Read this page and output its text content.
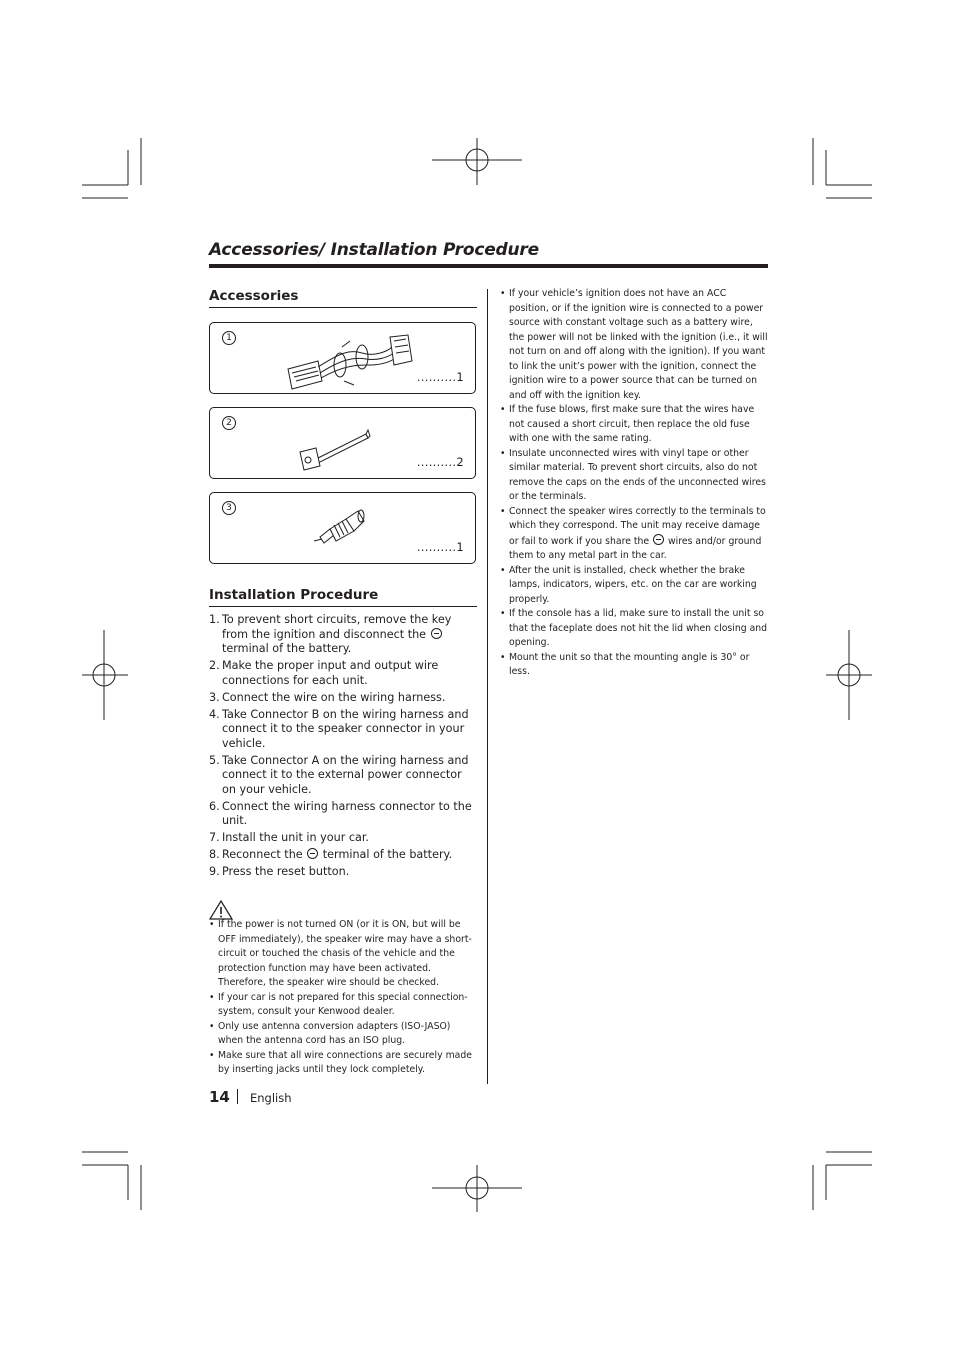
Accessories/ Installation Procedure
Accessories
1
..........1
2
..........2
3
..........1
Installation Procedure
1. To prevent short circuits, remove the key from the ignition and disconnect the  terminal of the battery.
2. Make the proper input and output wire connections for each unit.
3. Connect the wire on the wiring harness.
4. Take Connector B on the wiring harness and connect it to the speaker connector in your vehicle.
5. Take Connector A on the wiring harness and connect it to the external power connector on your vehicle.
6. Connect the wiring harness connector to the unit.
7. Install the unit in your car.
8. Reconnect the  terminal of the battery.
9. Press the reset button.
• If the power is not turned ON (or it is ON, but will be OFF immediately), the speaker wire may have a short-circuit or touched the chasis of the vehicle and the protection function may have been activated. Therefore, the speaker wire should be checked.
• If your car is not prepared for this special connection-system, consult your Kenwood dealer.
• Only use antenna conversion adapters (ISO-JASO) when the antenna cord has an ISO plug.
• Make sure that all wire connections are securely made by inserting jacks until they lock completely.
• If your vehicle’s ignition does not have an ACC position, or if the ignition wire is connected to a power source with constant voltage such as a battery wire, the power will not be linked with the ignition (i.e., it will not turn on and off along with the ignition). If you want to link the unit’s power with the ignition, connect the ignition wire to a power source that can be turned on and off with the ignition key.
• If the fuse blows, first make sure that the wires have not caused a short circuit, then replace the old fuse with one with the same rating.
• Insulate unconnected wires with vinyl tape or other similar material. To prevent short circuits, also do not remove the caps on the ends of the unconnected wires or the terminals.
• Connect the speaker wires correctly to the terminals to which they correspond. The unit may receive damage or fail to work if you share the  wires and/or ground them to any metal part in the car.
• After the unit is installed, check whether the brake lamps, indicators, wipers, etc. on the car are working properly.
• If the console has a lid, make sure to install the unit so that the faceplate does not hit the lid when closing and opening.
• Mount the unit so that the mounting angle is 30° or less.
14 English
